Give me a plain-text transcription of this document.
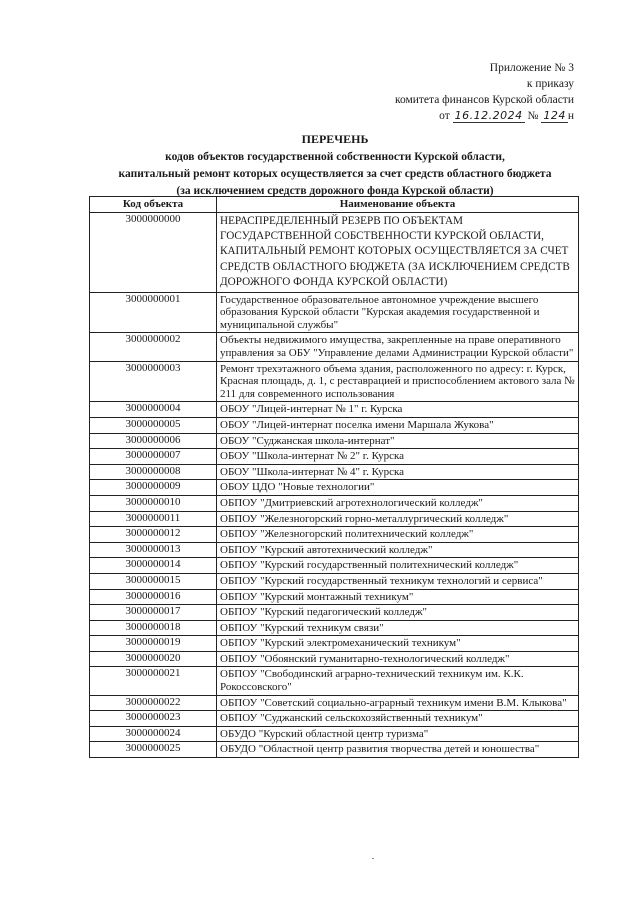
Приложение № 3
к приказу
комитета финансов Курской области
от 16.12.2024 № 124 н
ПЕРЕЧЕНЬ
кодов объектов государственной собственности Курской области,
капитальный ремонт которых осуществляется за счет средств областного бюджета
(за исключением средств дорожного фонда Курской области)
Код объекта	Наименование объекта
3000000000	НЕРАСПРЕДЕЛЕННЫЙ РЕЗЕРВ ПО ОБЪЕКТАМ ГОСУДАРСТВЕННОЙ СОБСТВЕННОСТИ КУРСКОЙ ОБЛАСТИ, КАПИТАЛЬНЫЙ РЕМОНТ КОТОРЫХ ОСУЩЕСТВЛЯЕТСЯ ЗА СЧЕТ СРЕДСТВ ОБЛАСТНОГО БЮДЖЕТА (ЗА ИСКЛЮЧЕНИЕМ СРЕДСТВ ДОРОЖНОГО ФОНДА КУРСКОЙ ОБЛАСТИ)
3000000001	Государственное образовательное автономное учреждение высшего образования Курской области "Курская академия государственной и муниципальной службы"
3000000002	Объекты недвижимого имущества, закрепленные на праве оперативного управления за ОБУ "Управление делами Администрации Курской области"
3000000003	Ремонт трехэтажного объема здания, расположенного по адресу: г. Курск, Красная площадь, д. 1, с реставрацией и приспособлением актового зала № 211 для современного использования
3000000004	ОБОУ "Лицей-интернат № 1" г. Курска
3000000005	ОБОУ "Лицей-интернат поселка имени Маршала Жукова"
3000000006	ОБОУ "Суджанская школа-интернат"
3000000007	ОБОУ "Школа-интернат № 2" г. Курска
3000000008	ОБОУ "Школа-интернат № 4" г. Курска
3000000009	ОБОУ ЦДО "Новые технологии"
3000000010	ОБПОУ "Дмитриевский агротехнологический колледж"
3000000011	ОБПОУ "Железногорский горно-металлургический колледж"
3000000012	ОБПОУ "Железногорский политехнический колледж"
3000000013	ОБПОУ "Курский автотехнический колледж"
3000000014	ОБПОУ "Курский государственный политехнический колледж"
3000000015	ОБПОУ "Курский государственный техникум технологий и сервиса"
3000000016	ОБПОУ "Курский монтажный техникум"
3000000017	ОБПОУ "Курский педагогический колледж"
3000000018	ОБПОУ "Курский техникум связи"
3000000019	ОБПОУ "Курский электромеханический техникум"
3000000020	ОБПОУ "Обоянский гуманитарно-технологический колледж"
3000000021	ОБПОУ "Свободинский аграрно-технический техникум им. К.К. Рокоссовского"
3000000022	ОБПОУ "Советский социально-аграрный техникум имени В.М. Клыкова"
3000000023	ОБПОУ "Суджанский сельскохозяйственный техникум"
3000000024	ОБУДО "Курский областной центр туризма"
3000000025	ОБУДО "Областной центр развития творчества детей и юношества"
